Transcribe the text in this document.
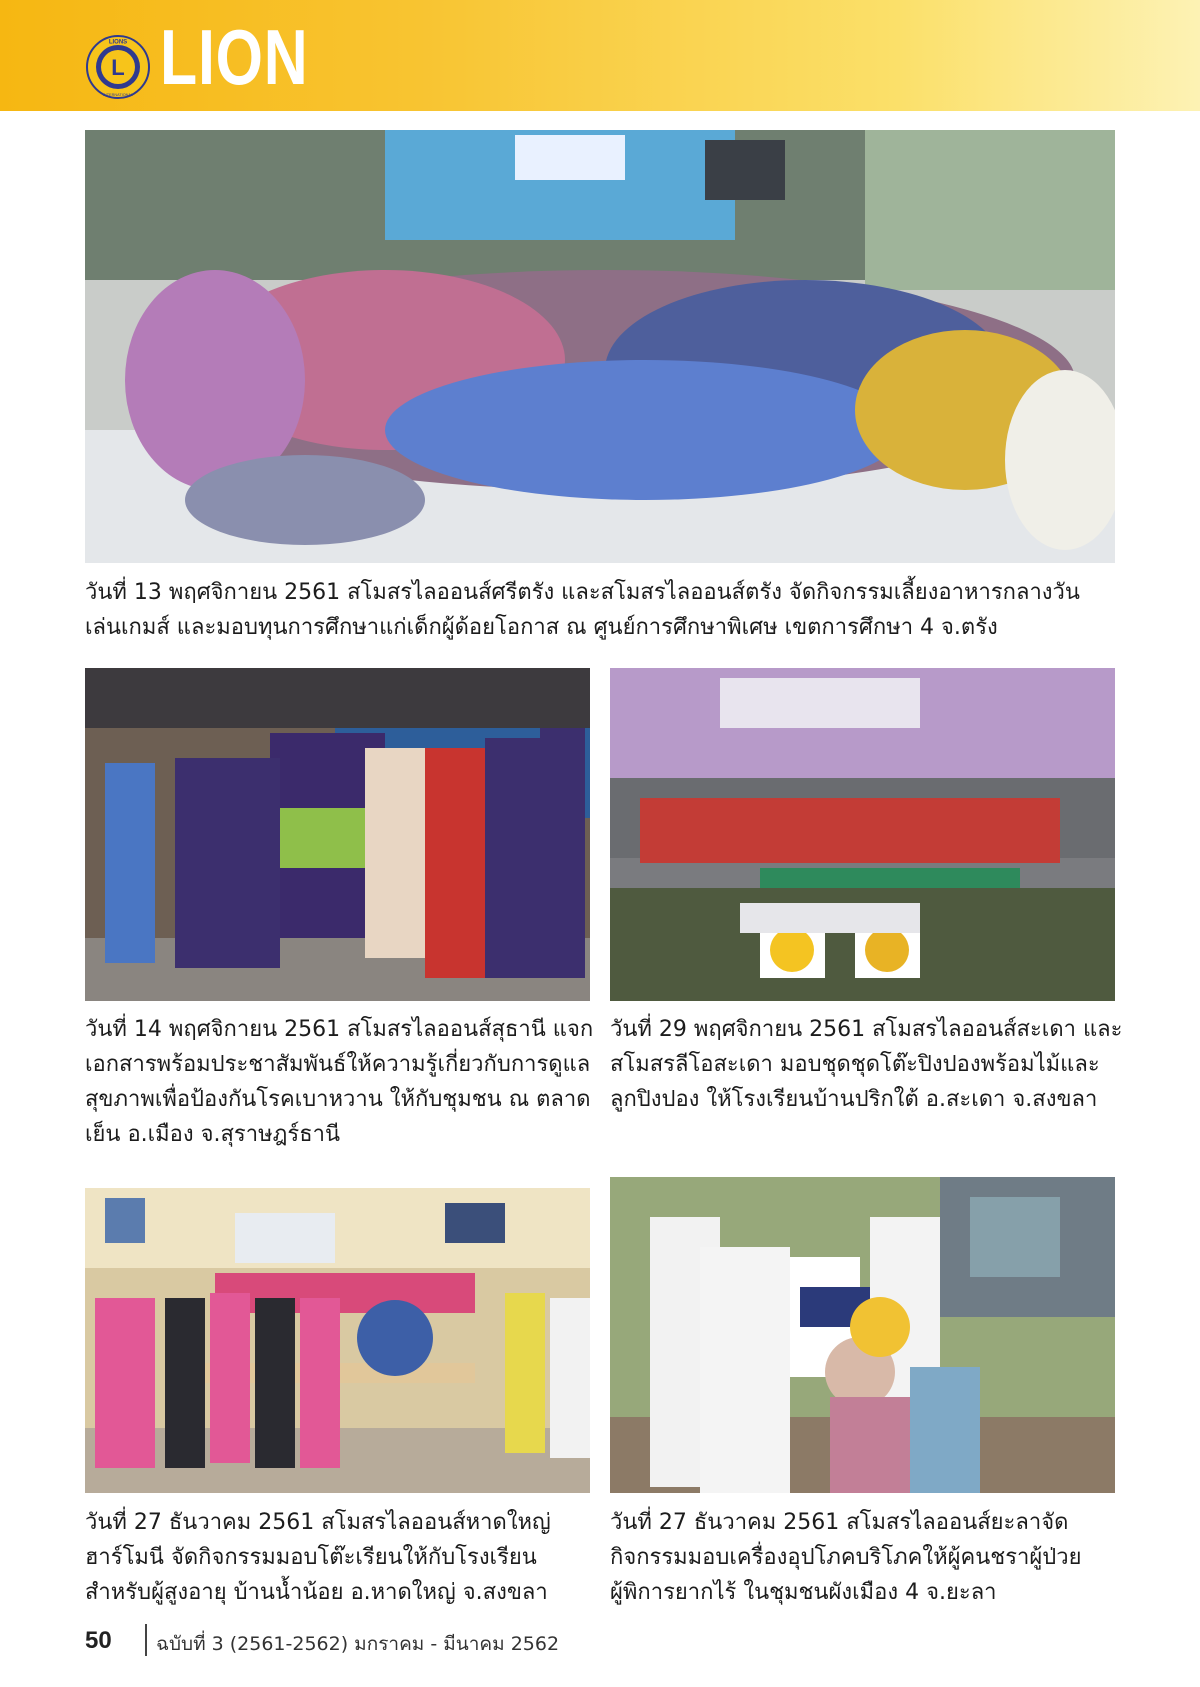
L
LIONS
INTERNATIONAL LION
วันที่ 13 พฤศจิกายน 2561 สโมสรไลออนส์ศรีตรัง และสโมสรไลออนส์ตรัง จัดกิจกรรมเลี้ยงอาหารกลางวัน
เล่นเกมส์ และมอบทุนการศึกษาแก่เด็กผู้ด้อยโอกาส ณ ศูนย์การศึกษาพิเศษ เขตการศึกษา 4 จ.ตรัง
วันที่ 14 พฤศจิกายน 2561 สโมสรไลออนส์สุธานี แจก
เอกสารพร้อมประชาสัมพันธ์ให้ความรู้เกี่ยวกับการดูแล
สุขภาพเพื่อป้องกันโรคเบาหวาน ให้กับชุมชน ณ ตลาด
เย็น อ.เมือง จ.สุราษฎร์ธานี
วันที่ 29 พฤศจิกายน 2561 สโมสรไลออนส์สะเดา และ
สโมสรลีโอสะเดา มอบชุดชุดโต๊ะปิงปองพร้อมไม้และ
ลูกปิงปอง ให้โรงเรียนบ้านปริกใต้ อ.สะเดา จ.สงขลา
วันที่ 27 ธันวาคม 2561 สโมสรไลออนส์หาดใหญ่
ฮาร์โมนี จัดกิจกรรมมอบโต๊ะเรียนให้กับโรงเรียน
สำหรับผู้สูงอายุ บ้านน้ำน้อย อ.หาดใหญ่ จ.สงขลา
วันที่ 27 ธันวาคม 2561 สโมสรไลออนส์ยะลาจัด
กิจกรรมมอบเครื่องอุปโภคบริโภคให้ผู้คนชราผู้ป่วย
ผู้พิการยากไร้ ในชุมชนผังเมือง 4 จ.ยะลา
50 ฉบับที่ 3 (2561-2562) มกราคม - มีนาคม 2562
